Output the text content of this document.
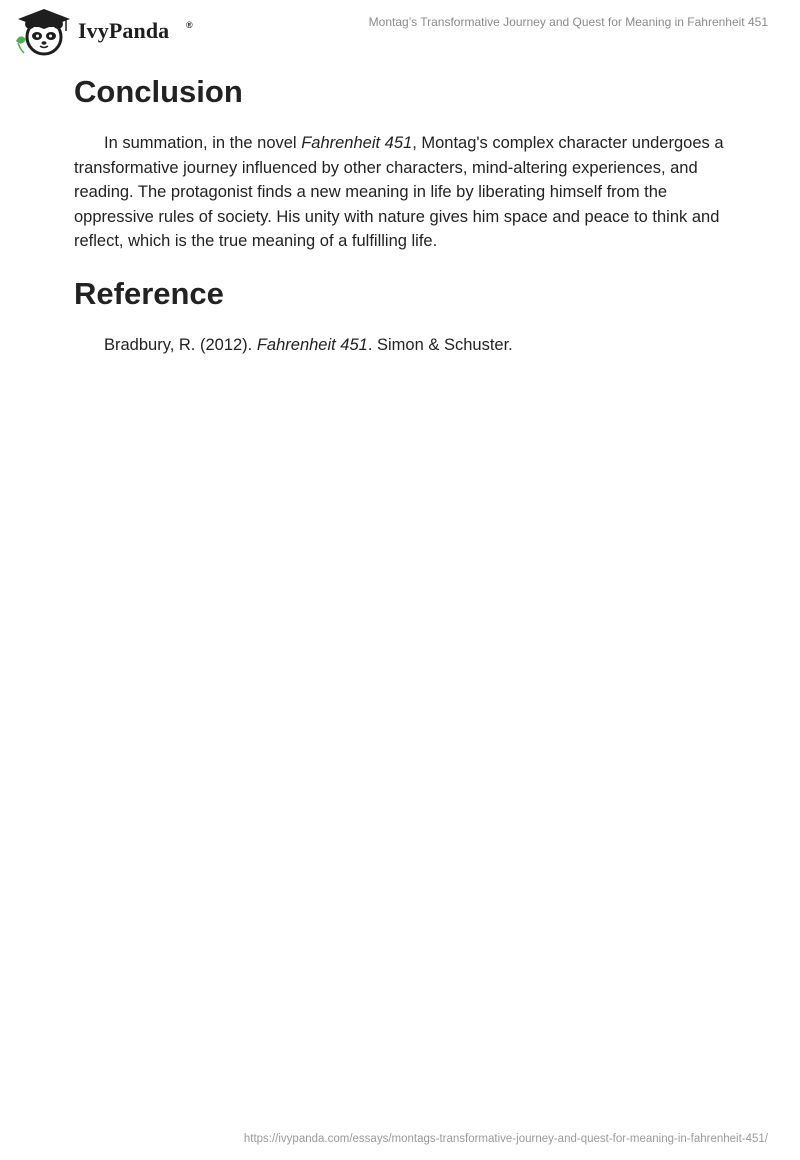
IvyPanda ®	Montag’s Transformative Journey and Quest for Meaning in Fahrenheit 451
Conclusion

In summation, in the novel Fahrenheit 451, Montag's complex character undergoes a transformative journey influenced by other characters, mind-altering experiences, and reading. The protagonist finds a new meaning in life by liberating himself from the oppressive rules of society. His unity with nature gives him space and peace to think and reflect, which is the true meaning of a fulfilling life.

Reference

Bradbury, R. (2012). Fahrenheit 451. Simon & Schuster.

https://ivypanda.com/essays/montags-transformative-journey-and-quest-for-meaning-in-fahrenheit-451/
